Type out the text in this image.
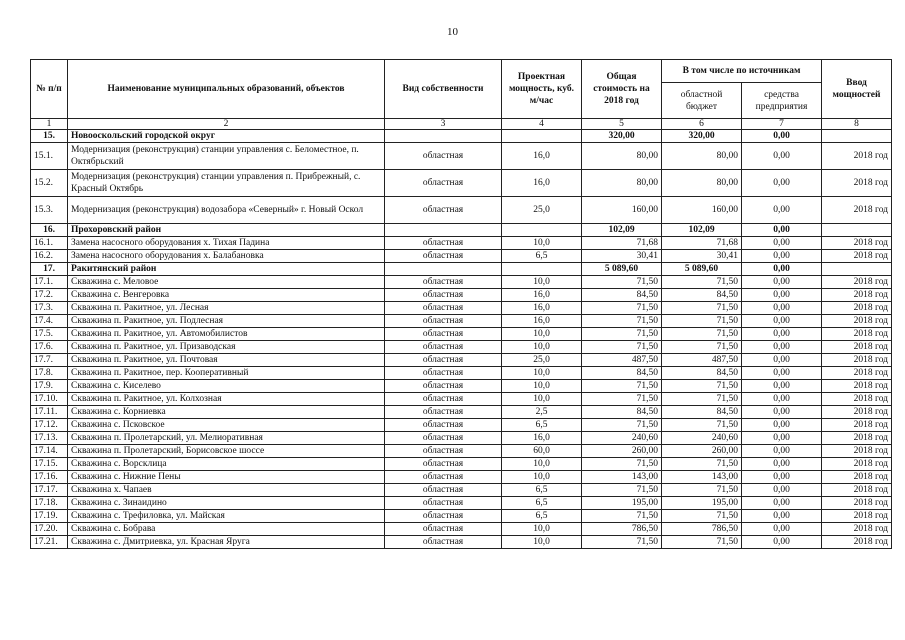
10
№ п/п	Наименование муниципальных образований, объектов	Вид собственности	Проектная мощность, куб. м/час	Общая стоимость на 2018 год	В том числе по источникам		Ввод мощностей
					областной бюджет	средства предприятия	
1	2	3	4	5	6	7	8
15.	Новооскольский городской округ			320,00	320,00	0,00	
15.1.	Модернизация (реконструкция) станции управления с. Беломестное, п. Октябрьский	областная	16,0	80,00	80,00	0,00	2018 год
15.2.	Модернизация (реконструкция) станции управления п. Прибрежный, с. Красный Октябрь	областная	16,0	80,00	80,00	0,00	2018 год
15.3.	Модернизация (реконструкция) водозабора «Северный» г. Новый Оскол	областная	25,0	160,00	160,00	0,00	2018 год
16.	Прохоровский район			102,09	102,09	0,00	
16.1.	Замена насосного оборудования х. Тихая Падина	областная	10,0	71,68	71,68	0,00	2018 год
16.2.	Замена насосного оборудования х. Балабановка	областная	6,5	30,41	30,41	0,00	2018 год
17.	Ракитянский район			5 089,60	5 089,60	0,00	
17.1.	Скважина с. Меловое	областная	10,0	71,50	71,50	0,00	2018 год
17.2.	Скважина с. Венгеровка	областная	16,0	84,50	84,50	0,00	2018 год
17.3.	Скважина п. Ракитное, ул. Лесная	областная	16,0	71,50	71,50	0,00	2018 год
17.4.	Скважина п. Ракитное, ул. Подлесная	областная	16,0	71,50	71,50	0,00	2018 год
17.5.	Скважина п. Ракитное, ул. Автомобилистов	областная	10,0	71,50	71,50	0,00	2018 год
17.6.	Скважина п. Ракитное, ул. Призаводская	областная	10,0	71,50	71,50	0,00	2018 год
17.7.	Скважина п. Ракитное, ул. Почтовая	областная	25,0	487,50	487,50	0,00	2018 год
17.8.	Скважина п. Ракитное, пер. Кооперативный	областная	10,0	84,50	84,50	0,00	2018 год
17.9.	Скважина с. Киселево	областная	10,0	71,50	71,50	0,00	2018 год
17.10.	Скважина п. Ракитное, ул. Колхозная	областная	10,0	71,50	71,50	0,00	2018 год
17.11.	Скважина с. Корниевка	областная	2,5	84,50	84,50	0,00	2018 год
17.12.	Скважина с. Псковское	областная	6,5	71,50	71,50	0,00	2018 год
17.13.	Скважина п. Пролетарский, ул. Мелиоративная	областная	16,0	240,60	240,60	0,00	2018 год
17.14.	Скважина п. Пролетарский, Борисовское шоссе	областная	60,0	260,00	260,00	0,00	2018 год
17.15.	Скважина с. Ворсклица	областная	10,0	71,50	71,50	0,00	2018 год
17.16.	Скважина с. Нижние Пены	областная	10,0	143,00	143,00	0,00	2018 год
17.17.	Скважина х. Чапаев	областная	6,5	71,50	71,50	0,00	2018 год
17.18.	Скважина с. Зинаидино	областная	6,5	195,00	195,00	0,00	2018 год
17.19.	Скважина с. Трефиловка, ул. Майская	областная	6,5	71,50	71,50	0,00	2018 год
17.20.	Скважина с. Бобрава	областная	10,0	786,50	786,50	0,00	2018 год
17.21.	Скважина с. Дмитриевка, ул. Красная Яруга	областная	10,0	71,50	71,50	0,00	2018 год
